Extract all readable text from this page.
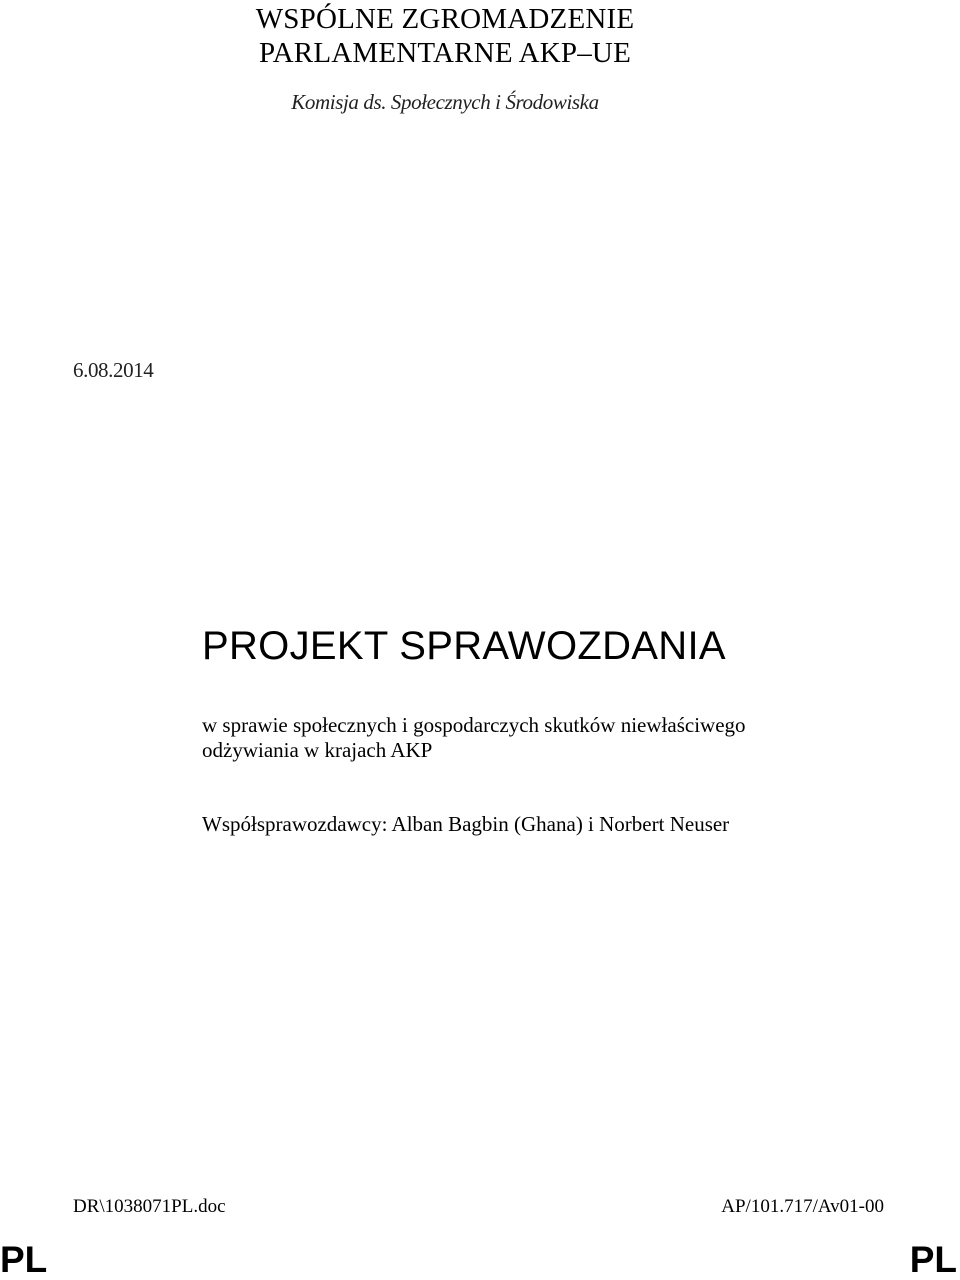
WSPÓLNE ZGROMADZENIE
PARLAMENTARNE AKP–UE
Komisja ds. Społecznych i Środowiska
6.08.2014
PROJEKT SPRAWOZDANIA
w sprawie społecznych i gospodarczych skutków niewłaściwego
odżywiania w krajach AKP
Współsprawozdawcy: Alban Bagbin (Ghana) i Norbert Neuser
DR\1038071PL.doc	AP/101.717/Av01-00
PL	PL
